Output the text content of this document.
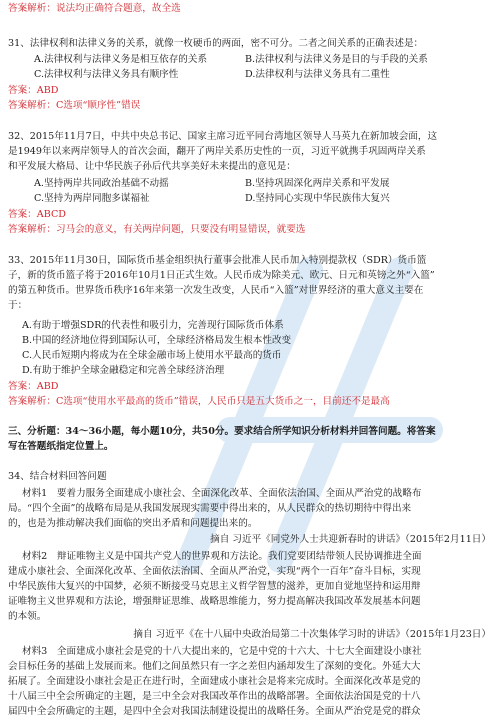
答案解析：说法均正确符合题意，故全选
31、法律权利和法律义务的关系，就像一枚硬币的两面，密不可分。二者之间关系的正确表述是：
A.法律权利与法律义务是相互依存的关系	B.法律权利与法律义务是目的与手段的关系
C.法律权利与法律义务具有顺序性	D.法律权利与法律义务具有二重性
答案：ABD
答案解析：C选项“顺序性”错误
32、2015年11月7日，中共中央总书记、国家主席习近平同台湾地区领导人马英九在新加坡会面，这
是1949年以来两岸领导人的首次会面，翻开了两岸关系历史性的一页，习近平就携手巩固两岸关系
和平发展大格局、让中华民族子孙后代共享美好未来提出的意见是：
A.坚持两岸共同政治基础不动摇	B.坚持巩固深化两岸关系和平发展
C.坚持为两岸同胞多谋福祉	D.坚持同心实现中华民族伟大复兴
答案：ABCD
答案解析：习马会的意义，有关两岸问题，只要没有明显错误，就要选
33、2015年11月30日，国际货币基金组织执行董事会批准人民币加入特别提款权（SDR）货币篮
子，新的货币篮子将于2016年10月1日正式生效。人民币成为除美元、欧元、日元和英镑之外“入篮”
的第五种货币。世界货币秩序16年来第一次发生改变，人民币“入篮”对世界经济的重大意义主要在
于：
A.有助于增强SDR的代表性和吸引力，完善现行国际货币体系
B.中国的经济地位得到国际认可，全球经济格局发生根本性改变
C.人民币短期内将成为在全球金融市场上使用水平最高的货币
D.有助于维护全球金融稳定和完善全球经济治理
答案：ABD
答案解析：C选项“使用水平最高的货币”错误，人民币只是五大货币之一，目前还不是最高
三、分析题：34～36小题，每小题10分，共50分。要求结合所学知识分析材料并回答问题。将答案
写在答题纸指定位置上。
34、结合材料回答问题
材料1　要着力服务全面建成小康社会、全面深化改革、全面依法治国、全面从严治党的战略布
局。“四个全面”的战略布局是从我国发展现实需要中得出来的，从人民群众的热切期待中得出来
的，也是为推动解决我们面临的突出矛盾和问题提出来的。
摘自 习近平《同党外人士共迎新春时的讲话》（2015年2月11日）
材料2　辩证唯物主义是中国共产党人的世界观和方法论。我们党要团结带领人民协调推进全面
建成小康社会、全面深化改革、全面依法治国、全面从严治党，实现“两个一百年”奋斗目标，实现
中华民族伟大复兴的中国梦，必须不断接受马克思主义哲学智慧的滋养，更加自觉地坚持和运用辩
证唯物主义世界观和方法论，增强辩证思维、战略思维能力，努力提高解决我国改革发展基本问题
的本领。
摘自 习近平《在十八届中央政治局第二十次集体学习时的讲话》（2015年1月23日）
材料3　全面建成小康社会是党的十八大提出来的，它是中党的十六大、十七大全面建设小康社
会目标任务的基础上发展而来。他们之间虽然只有一字之差但内涵却发生了深刻的变化。外延大大
拓展了。全面建设小康社会是正在进行时，全面建成小康社会是将来完成时。全面深化改革是党的
十八届三中全会所确定的主题，是三中全会对我国改革作出的战略部署。全面依法治国是党的十八
届四中全会所确定的主题，是四中全会对我国法制建设提出的战略任务。全面从严治党是党的群众
